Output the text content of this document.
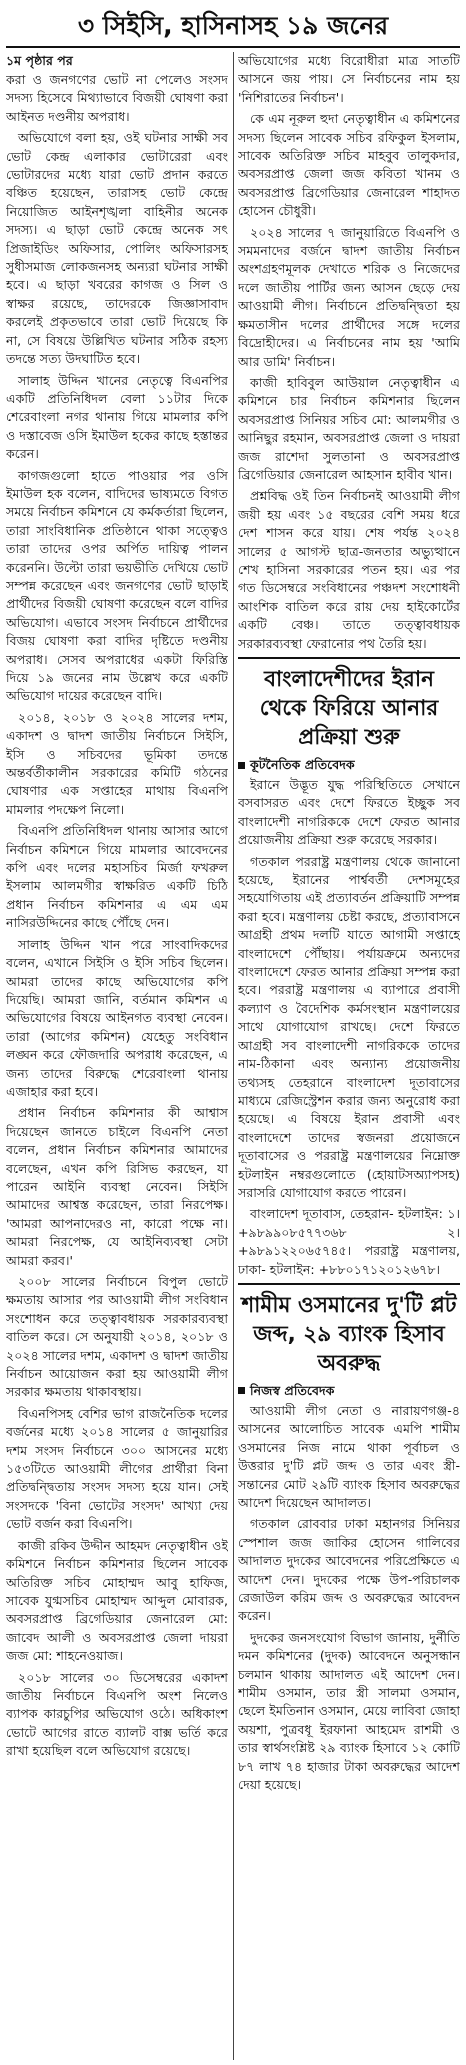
৩ সিইসি, হাসিনাসহ ১৯ জনের
১ম পৃষ্ঠার পর

করা ও জনগণের ভোট না পেলেও সংসদ সদস্য হিসেবে মিথ্যাভাবে বিজয়ী ঘোষণা করা আইনত দণ্ডনীয় অপরাধ।

অভিযোগে বলা হয়, ওই ঘটনার সাক্ষী সব ভোট কেন্দ্র এলাকার ভোটারেরা এবং ভোটারদের মধ্যে যারা ভোট প্রদান করতে বঞ্চিত হয়েছেন, তারাসহ ভোট কেন্দ্রে নিয়োজিত আইনশৃঙ্খলা বাহিনীর অনেক সদস্য। এ ছাড়া ভোট কেন্দ্রে অনেক সৎ প্রিজাইডিং অফিসার, পোলিং অফিসারসহ সুধীসমাজ লোকজনসহ অন্যরা ঘটনার সাক্ষী হবে। এ ছাড়া খবরের কাগজ ও সিল ও স্বাক্ষর রয়েছে, তাদেরকে জিজ্ঞাসাবাদ করলেই প্রকৃতভাবে তারা ভোট দিয়েছে কি না, সে বিষয়ে উল্লিখিত ঘটনার সঠিক রহস্য তদন্তে সত্য উদঘাটিত হবে।

সালাহ উদ্দিন খানের নেতৃত্বে বিএনপির একটি প্রতিনিধিদল বেলা ১১টার দিকে শেরেবাংলা নগর থানায় গিয়ে মামলার কপি ও দস্তাবেজ ওসি ইমাউল হকের কাছে হস্তান্তর করেন।

কাগজগুলো হাতে পাওয়ার পর ওসি ইমাউল হক বলেন, বাদিদের ভাষ্যমতে বিগত সময়ে নির্বাচন কমিশনে যে কর্মকর্তারা ছিলেন, তারা সাংবিধানিক প্রতিষ্ঠানে থাকা সত্ত্বেও তারা তাদের ওপর অর্পিত দায়িত্ব পালন করেননি। উল্টো তারা ভয়ভীতি দেখিয়ে ভোট সম্পন্ন করেছেন এবং জনগণের ভোট ছাড়াই প্রার্থীদের বিজয়ী ঘোষণা করেছেন বলে বাদির অভিযোগ। এভাবে সংসদ নির্বাচনে প্রার্থীদের বিজয় ঘোষণা করা বাদির দৃষ্টিতে দণ্ডনীয় অপরাধ। সেসব অপরাধের একটা ফিরিস্তি দিয়ে ১৯ জনের নাম উল্লেখ করে একটি অভিযোগ দায়ের করেছেন বাদি।

২০১৪, ২০১৮ ও ২০২৪ সালের দশম, একাদশ ও দ্বাদশ জাতীয় নির্বাচনে সিইসি, ইসি ও সচিবদের ভূমিকা তদন্তে অন্তর্বর্তীকালীন সরকারের কমিটি গঠনের ঘোষণার এক সপ্তাহের মাথায় বিএনপি মামলার পদক্ষেপ নিলো।

বিএনপি প্রতিনিধিদল থানায় আসার আগে নির্বাচন কমিশনে গিয়ে মামলার আবেদনের কপি এবং দলের মহাসচিব মির্জা ফখরুল ইসলাম আলমগীর স্বাক্ষরিত একটি চিঠি প্রধান নির্বাচন কমিশনার এ এম এম নাসিরউদ্দিনের কাছে পৌঁছে দেন।

সালাহ উদ্দিন খান পরে সাংবাদিকদের বলেন, এখানে সিইসি ও ইসি সচিব ছিলেন। আমরা তাদের কাছে অভিযোগের কপি দিয়েছি। আমরা জানি, বর্তমান কমিশন এ অভিযোগের বিষয়ে আইনগত ব্যবস্থা নেবেন। তারা (আগের কমিশন) যেহেতু সংবিধান লঙ্ঘন করে ফৌজদারি অপরাধ করেছেন, এ জন্য তাদের বিরুদ্ধে শেরেবাংলা থানায় এজাহার করা হবে।

প্রধান নির্বাচন কমিশনার কী আশ্বাস দিয়েছেন জানতে চাইলে বিএনপি নেতা বলেন, প্রধান নির্বাচন কমিশনার আমাদের বলেছেন, এখন কপি রিসিভ করছেন, যা পারেন আইনি ব্যবস্থা নেবেন। সিইসি আমাদের আশ্বস্ত করেছেন, তারা নিরপেক্ষ। 'আমরা আপনাদেরও না, কারো পক্ষে না। আমরা নিরপেক্ষ, যে আইনিব্যবস্থা সেটা আমরা করব।'

২০০৮ সালের নির্বাচনে বিপুল ভোটে ক্ষমতায় আসার পর আওয়ামী লীগ সংবিধান সংশোধন করে তত্ত্বাবধায়ক সরকারব্যবস্থা বাতিল করে। সে অনুযায়ী ২০১৪, ২০১৮ ও ২০২৪ সালের দশম, একাদশ ও দ্বাদশ জাতীয় নির্বাচন আয়োজন করা হয় আওয়ামী লীগ সরকার ক্ষমতায় থাকাবস্থায়।

বিএনপিসহ বেশির ভাগ রাজনৈতিক দলের বর্জনের মধ্যে ২০১৪ সালের ৫ জানুয়ারির দশম সংসদ নির্বাচনে ৩০০ আসনের মধ্যে ১৫৩টিতে আওয়ামী লীগের প্রার্থীরা বিনা প্রতিদ্বন্দ্বিতায় সংসদ সদস্য হয়ে যান। সেই সংসদকে 'বিনা ভোটের সংসদ' আখ্যা দেয় ভোট বর্জন করা বিএনপি।

কাজী রকিব উদ্দীন আহমদ নেতৃত্বাধীন ওই কমিশনে নির্বাচন কমিশনার ছিলেন সাবেক অতিরিক্ত সচিব মোহাম্মদ আবু হাফিজ, সাবেক যুগ্মসচিব মোহাম্মদ আব্দুল মোবারক, অবসরপ্রাপ্ত ব্রিগেডিয়ার জেনারেল মো: জাবেদ আলী ও অবসরপ্রাপ্ত জেলা দায়রা জজ মো: শাহনেওয়াজ।

২০১৮ সালের ৩০ ডিসেম্বরের একাদশ জাতীয় নির্বাচনে বিএনপি অংশ নিলেও ব্যাপক কারচুপির অভিযোগ ওঠে। অধিকাংশ ভোটে আগের রাতে ব্যালট বাক্স ভর্তি করে রাখা হয়েছিল বলে অভিযোগ রয়েছে।

অভিযোগের মধ্যে বিরোধীরা মাত্র সাতটি আসনে জয় পায়। সে নির্বাচনের নাম হয় 'নিশিরাতের নির্বাচন'।

কে এম নূরুল হুদা নেতৃত্বাধীন এ কমিশনের সদস্য ছিলেন সাবেক সচিব রফিকুল ইসলাম, সাবেক অতিরিক্ত সচিব মাহবুব তালুকদার, অবসরপ্রাপ্ত জেলা জজ কবিতা খানম ও অবসরপ্রাপ্ত ব্রিগেডিয়ার জেনারেল শাহাদত হোসেন চৌধুরী।

২০২৪ সালের ৭ জানুয়ারিতে বিএনপি ও সমমনাদের বর্জনে দ্বাদশ জাতীয় নির্বাচন অংশগ্রহণমূলক দেখাতে শরিক ও নিজেদের দলে জাতীয় পার্টির জন্য আসন ছেড়ে দেয় আওয়ামী লীগ। নির্বাচনে প্রতিদ্বন্দ্বিতা হয় ক্ষমতাসীন দলের প্রার্থীদের সঙ্গে দলের বিদ্রোহীদের। এ নির্বাচনের নাম হয় 'আমি আর ডামি' নির্বাচন।

কাজী হাবিবুল আউয়াল নেতৃত্বাধীন এ কমিশনে চার নির্বাচন কমিশনার ছিলেন অবসরপ্রাপ্ত সিনিয়র সচিব মো: আলমগীর ও আনিছুর রহমান, অবসরপ্রাপ্ত জেলা ও দায়রা জজ রাশেদা সুলতানা ও অবসরপ্রাপ্ত ব্রিগেডিয়ার জেনারেল আহসান হাবীব খান।

প্রশ্নবিদ্ধ ওই তিন নির্বাচনই আওয়ামী লীগ জয়ী হয় এবং ১৫ বছরের বেশি সময় ধরে দেশ শাসন করে যায়। শেষ পর্যন্ত ২০২৪ সালের ৫ আগস্ট ছাত্র-জনতার অভ্যুত্থানে শেখ হাসিনা সরকারের পতন হয়। এর পর গত ডিসেম্বরে সংবিধানের পঞ্চদশ সংশোধনী আংশিক বাতিল করে রায় দেয় হাইকোর্টের একটি বেঞ্চ। তাতে তত্ত্বাবধায়ক সরকারব্যবস্থা ফেরানোর পথ তৈরি হয়।

বাংলাদেশীদের ইরান থেকে ফিরিয়ে আনার প্রক্রিয়া শুরু
কূটনৈতিক প্রতিবেদক

ইরানে উদ্ভূত যুদ্ধ পরিস্থিতিতে সেখানে বসবাসরত এবং দেশে ফিরতে ইচ্ছুক সব বাংলাদেশী নাগরিককে দেশে ফেরত আনার প্রয়োজনীয় প্রক্রিয়া শুরু করেছে সরকার।

গতকাল পররাষ্ট্র মন্ত্রণালয় থেকে জানানো হয়েছে, ইরানের পার্শ্ববর্তী দেশসমূহের সহযোগিতায় এই প্রত্যাবর্তন প্রক্রিয়াটি সম্পন্ন করা হবে। মন্ত্রণালয় চেষ্টা করছে, প্রত্যাবাসনে আগ্রহী প্রথম দলটি যাতে আগামী সপ্তাহে বাংলাদেশে পৌঁছায়। পর্যায়ক্রমে অন্যদের বাংলাদেশে ফেরত আনার প্রক্রিয়া সম্পন্ন করা হবে। পররাষ্ট্র মন্ত্রণালয় এ ব্যাপারে প্রবাসী কল্যাণ ও বৈদেশিক কর্মসংস্থান মন্ত্রণালয়ের সাথে যোগাযোগ রাখছে। দেশে ফিরতে আগ্রহী সব বাংলাদেশী নাগরিককে তাদের নাম-ঠিকানা এবং অন্যান্য প্রয়োজনীয় তথ্যসহ তেহরানে বাংলাদেশ দূতাবাসের মাধ্যমে রেজিস্ট্রেশন করার জন্য অনুরোধ করা হয়েছে। এ বিষয়ে ইরান প্রবাসী এবং বাংলাদেশে তাদের স্বজনরা প্রয়োজনে দূতাবাসের ও পররাষ্ট্র মন্ত্রণালয়ের নিম্নোক্ত হটলাইন নম্বরগুলোতে (হোয়াটসঅ্যাপসহ) সরাসরি যোগাযোগ করতে পারেন।

বাংলাদেশ দূতাবাস, তেহরান- হটলাইন: ১। +৯৮৯৯০৮৫৭৭৩৬৮ ২। +৯৮৯১২২০৬৫৭৪৫। পররাষ্ট্র মন্ত্রণালয়, ঢাকা- হটলাইন: +৮৮০১৭১২০১২৬৭৮।

শামীম ওসমানের দু'টি প্লট জব্দ, ২৯ ব্যাংক হিসাব অবরুদ্ধ
নিজস্ব প্রতিবেদক

আওয়ামী লীগ নেতা ও নারায়ণগঞ্জ-৪ আসনের আলোচিত সাবেক এমপি শামীম ওসমানের নিজ নামে থাকা পূর্বাচল ও উত্তরার দু'টি প্লট জব্দ ও তার এবং স্ত্রী-সন্তানের মোট ২৯টি ব্যাংক হিসাব অবরুদ্ধের আদেশ দিয়েছেন আদালত।

গতকাল রোববার ঢাকা মহানগর সিনিয়র স্পেশাল জজ জাকির হোসেন গালিবের আদালত দুদকের আবেদনের পরিপ্রেক্ষিতে এ আদেশ দেন। দুদকের পক্ষে উপ-পরিচালক রেজাউল করিম জব্দ ও অবরুদ্ধের আবেদন করেন।

দুদকের জনসংযোগ বিভাগ জানায়, দুর্নীতি দমন কমিশনের (দুদক) আবেদনে অনুসন্ধান চলমান থাকায় আদালত এই আদেশ দেন। শামীম ওসমান, তার স্ত্রী সালমা ওসমান, ছেলে ইমতিনান ওসমান, মেয়ে লাবিবা জোহা অয়শা, পুত্রবধূ ইরফানা আহমেদ রাশমী ও তার স্বার্থসংশ্লিষ্ট ২৯ ব্যাংক হিসাবে ১২ কোটি ৮৭ লাখ ৭৪ হাজার টাকা অবরুদ্ধের আদেশ দেয়া হয়েছে।
